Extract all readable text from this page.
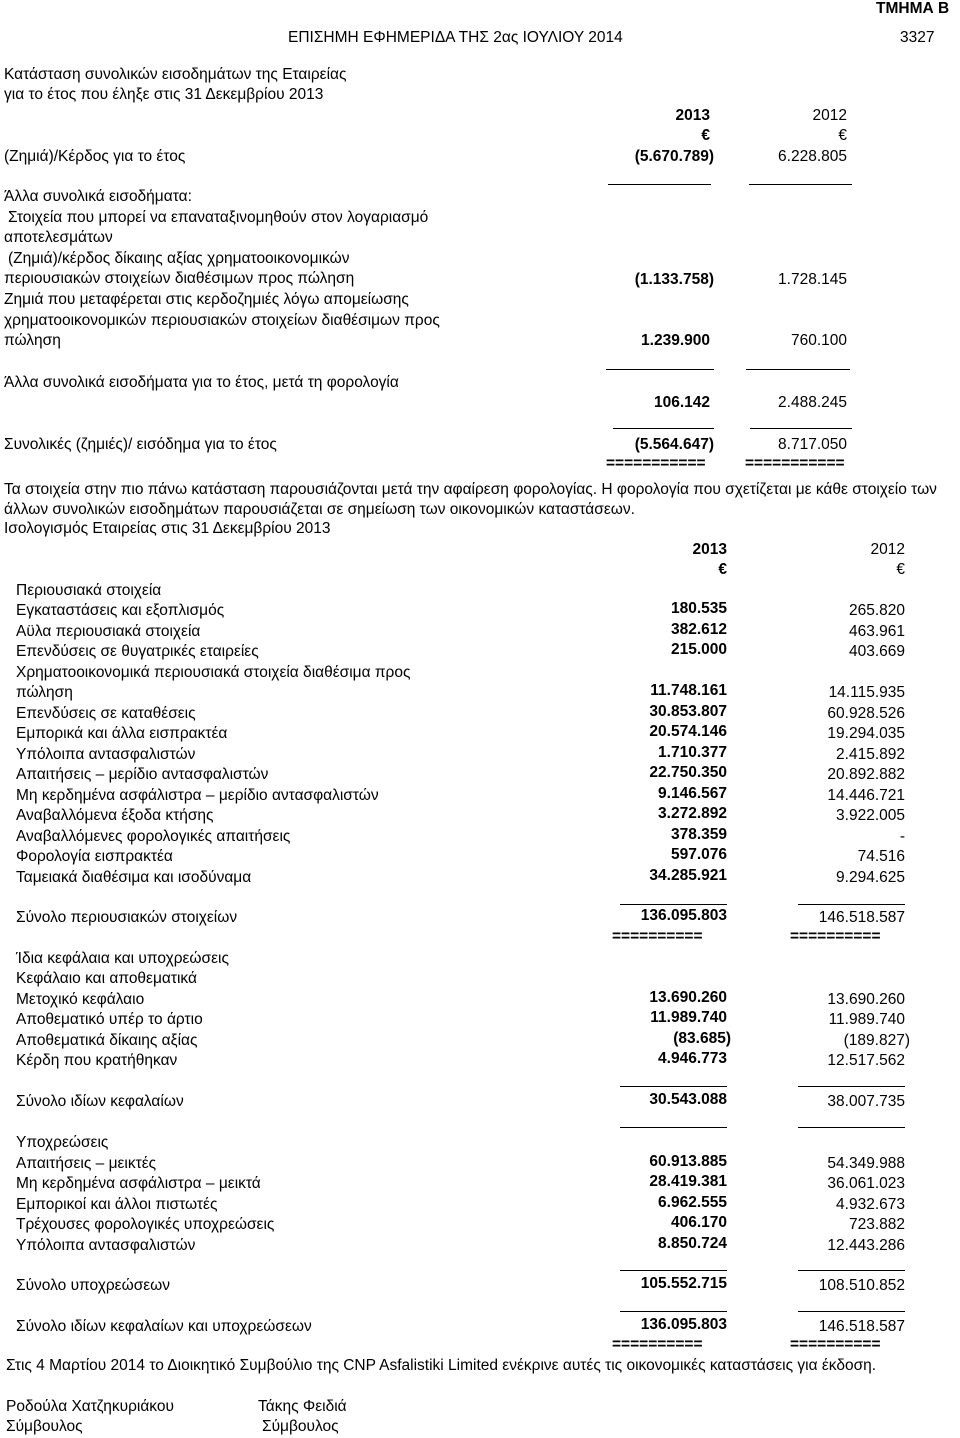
ΤΜΗΜΑ Β
ΕΠΙΣΗΜΗ ΕΦΗΜΕΡΙΔΑ ΤΗΣ 2ας ΙΟΥΛΙΟΥ 2014	3327
Κατάσταση συνολικών εισοδημάτων της Εταιρείας
για το έτος που έληξε στις 31 Δεκεμβρίου 2013
2013	2012
€	€
(Ζημιά)/Κέρδος για το έτος	(5.670.789)	6.228.805
Άλλα συνολικά εισοδήματα:
Στοιχεία που μπορεί να επαναταξινομηθούν στον λογαριασμό
αποτελεσμάτων
(Ζημιά)/κέρδος δίκαιης αξίας χρηματοοικονομικών
περιουσιακών στοιχείων διαθέσιμων προς πώληση	(1.133.758)	1.728.145
Ζημιά που μεταφέρεται στις κερδοζημιές λόγω απομείωσης
χρηματοοικονομικών περιουσιακών στοιχείων διαθέσιμων προς
πώληση	1.239.900	760.100
Άλλα συνολικά εισοδήματα για το έτος, μετά τη φορολογία
106.142	2.488.245
Συνολικές (ζημιές)/ εισόδημα για το έτος	(5.564.647)	8.717.050
===========	===========
Τα στοιχεία στην πιο πάνω κατάσταση παρουσιάζονται μετά την αφαίρεση φορολογίας. Η φορολογία που σχετίζεται με κάθε στοιχείο των άλλων συνολικών εισοδημάτων παρουσιάζεται σε σημείωση των οικονομικών καταστάσεων.
Ισολογισμός Εταιρείας στις 31 Δεκεμβρίου 2013
2013	2012
€	€
Περιουσιακά στοιχεία
Εγκαταστάσεις και εξοπλισμός	180.535	265.820
Αϋλα περιουσιακά στοιχεία	382.612	463.961
Επενδύσεις σε θυγατρικές εταιρείες	215.000	403.669
Χρηματοοικονομικά περιουσιακά στοιχεία διαθέσιμα προς
πώληση	11.748.161	14.115.935
Επενδύσεις σε καταθέσεις	30.853.807	60.928.526
Εμπορικά και άλλα εισπρακτέα	20.574.146	19.294.035
Υπόλοιπα αντασφαλιστών	1.710.377	2.415.892
Απαιτήσεις – μερίδιο αντασφαλιστών	22.750.350	20.892.882
Μη κερδημένα ασφάλιστρα – μερίδιο αντασφαλιστών	9.146.567	14.446.721
Αναβαλλόμενα έξοδα κτήσης	3.272.892	3.922.005
Αναβαλλόμενες φορολογικές απαιτήσεις	378.359	-
Φορολογία εισπρακτέα	597.076	74.516
Ταμειακά διαθέσιμα και ισοδύναμα	34.285.921	9.294.625
Σύνολο περιουσιακών στοιχείων	136.095.803	146.518.587
==========	==========
Ίδια κεφάλαια και υποχρεώσεις
Κεφάλαιο και αποθεματικά
Μετοχικό κεφάλαιο	13.690.260	13.690.260
Αποθεματικό υπέρ το άρτιο	11.989.740	11.989.740
Αποθεματικά δίκαιης αξίας	(83.685)	(189.827)
Κέρδη που κρατήθηκαν	4.946.773	12.517.562
Σύνολο ιδίων κεφαλαίων	30.543.088	38.007.735
Υποχρεώσεις
Απαιτήσεις – μεικτές	60.913.885	54.349.988
Μη κερδημένα ασφάλιστρα – μεικτά	28.419.381	36.061.023
Εμπορικοί και άλλοι πιστωτές	6.962.555	4.932.673
Τρέχουσες φορολογικές υποχρεώσεις	406.170	723.882
Υπόλοιπα αντασφαλιστών	8.850.724	12.443.286
Σύνολο υποχρεώσεων	105.552.715	108.510.852
Σύνολο ιδίων κεφαλαίων και υποχρεώσεων	136.095.803	146.518.587
==========	==========
Στις 4 Μαρτίου 2014 το Διοικητικό Συμβούλιο της CNP Asfalistiki Limited ενέκρινε αυτές τις οικονομικές καταστάσεις για έκδοση.
Ροδούλα Χατζηκυριάκου
Σύμβουλος
Τάκης Φειδιά
Σύμβουλος
